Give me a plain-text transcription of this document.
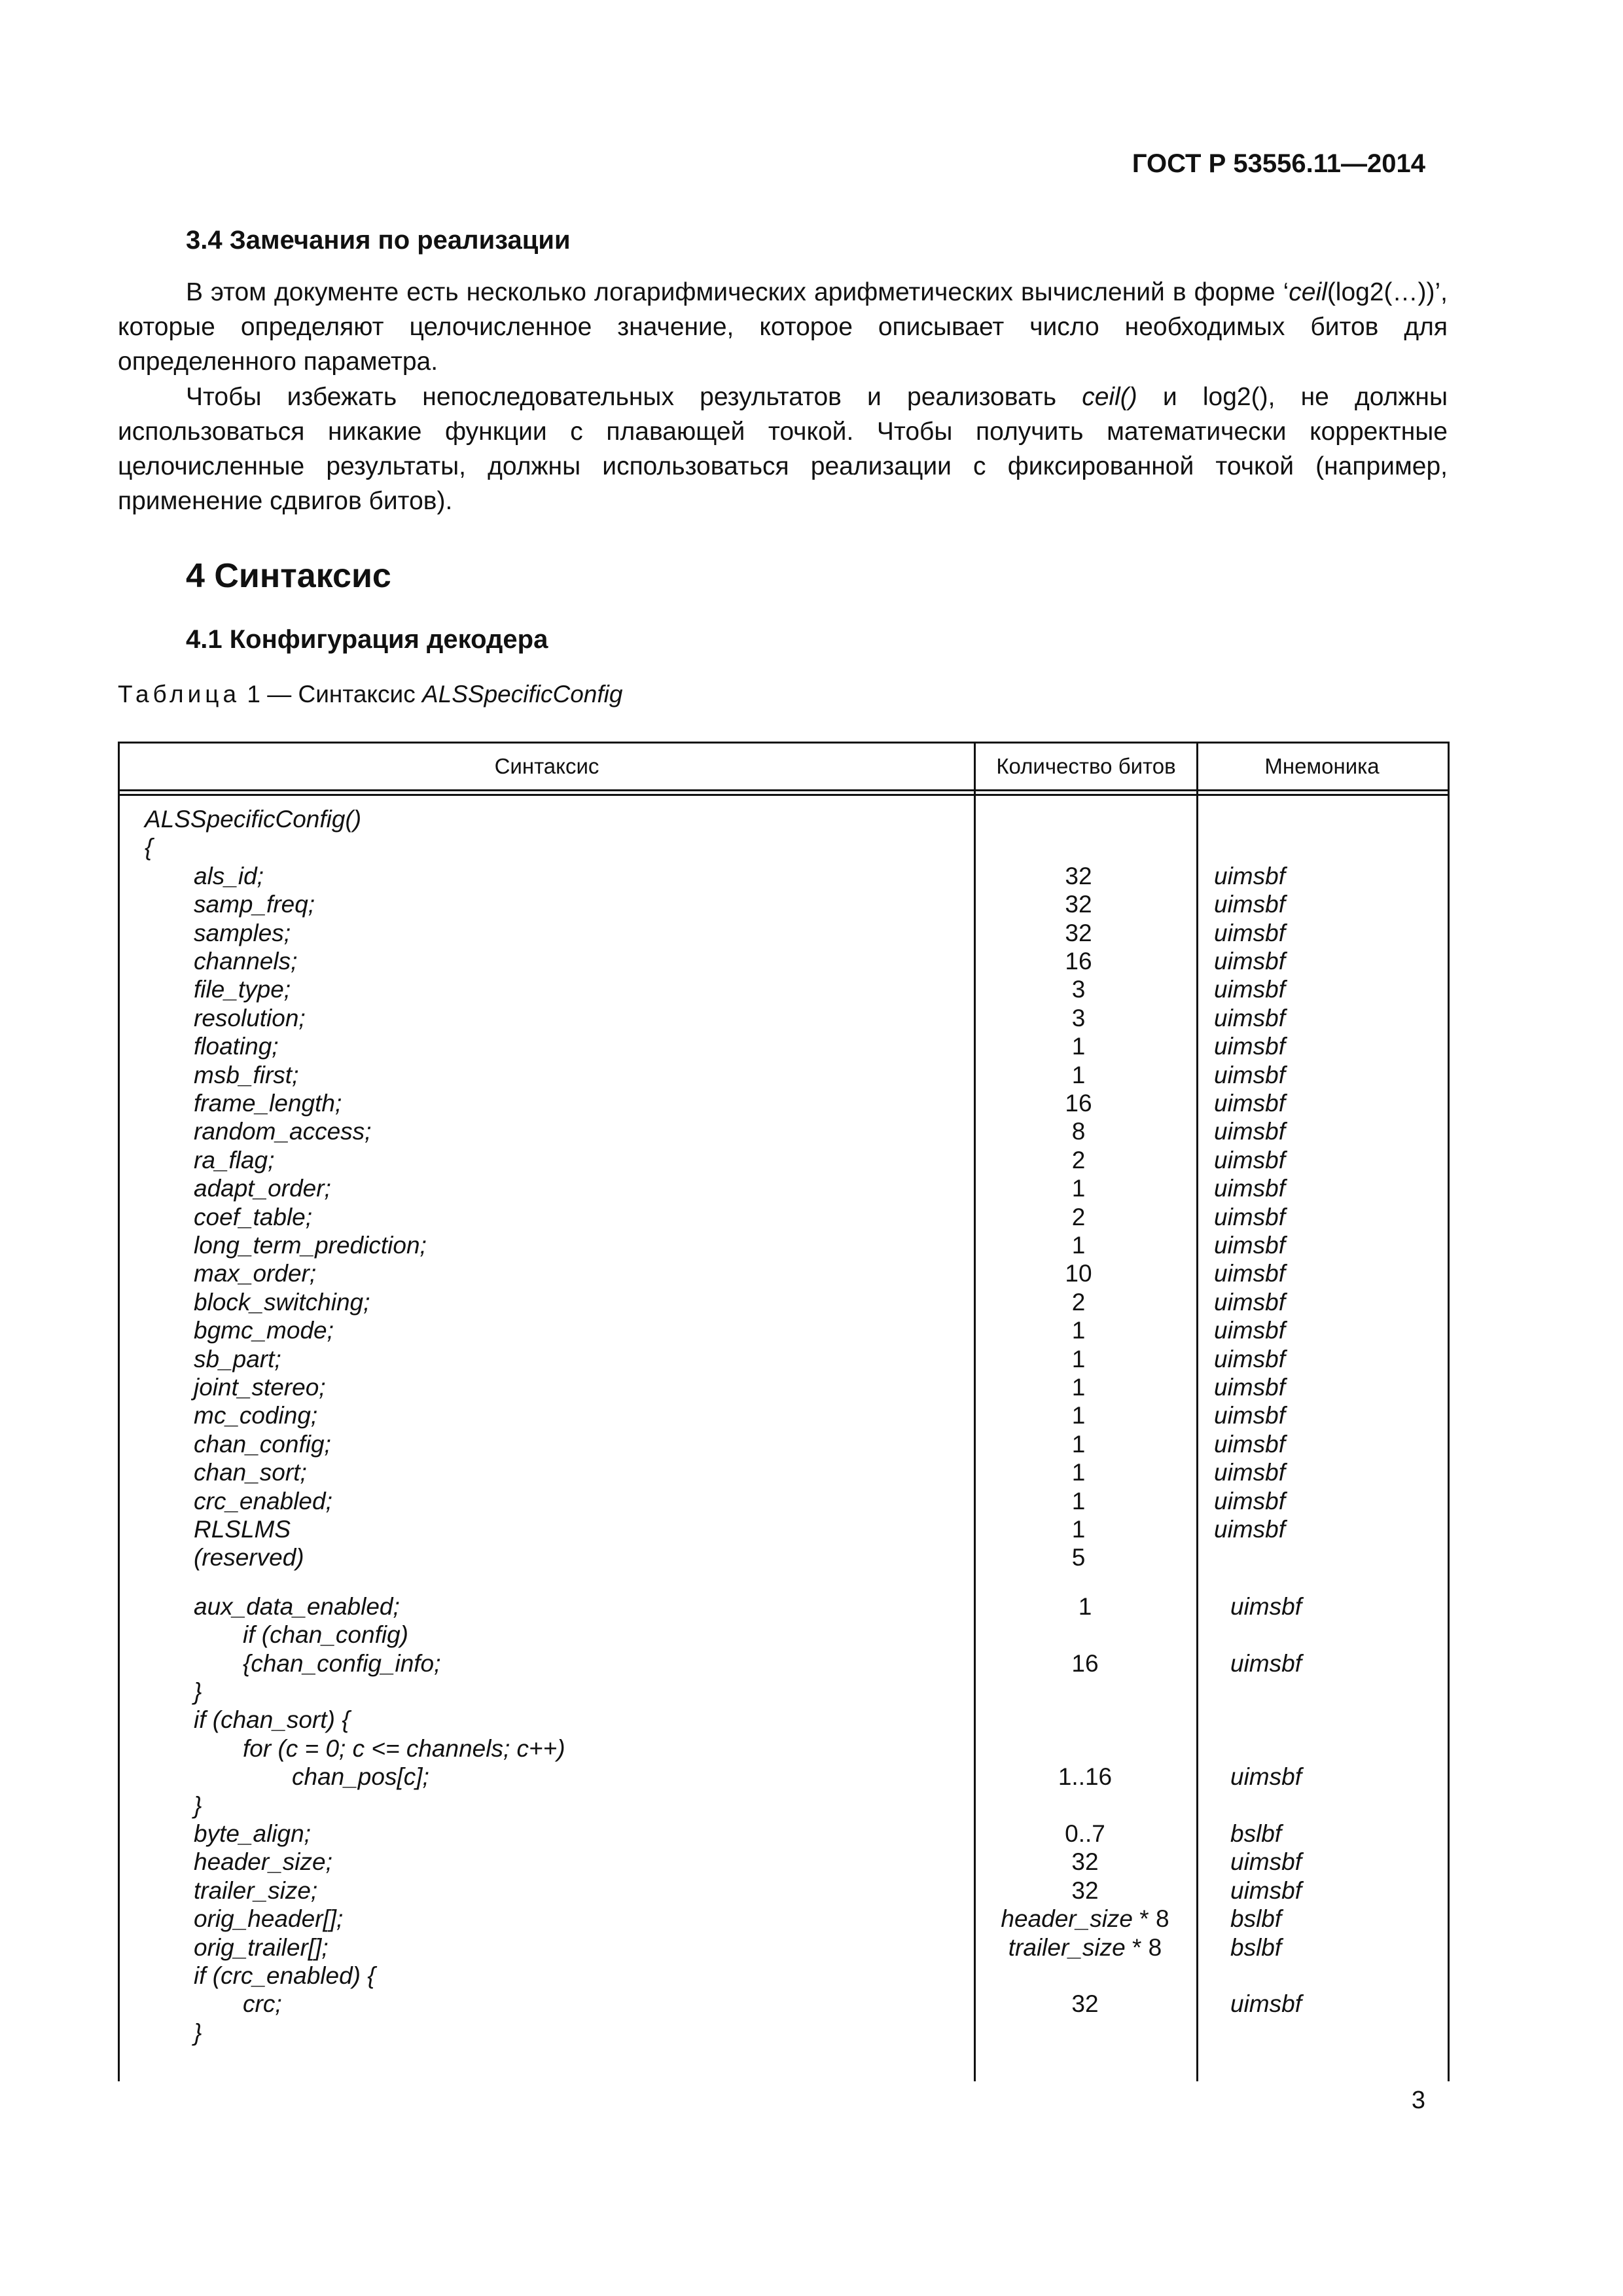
ГОСТ Р 53556.11—2014
3.4 Замечания по реализации
В этом документе есть несколько логарифмических арифметических вычислений в форме ‘ceil(log2(…))’, которые определяют целочисленное значение, которое описывает число необходимых битов для определенного параметра.
Чтобы избежать непоследовательных результатов и реализовать ceil() и log2(), не должны использоваться никакие функции с плавающей точкой. Чтобы получить математически корректные целочисленные результаты, должны использоваться реализации с фиксированной точкой (например, применение сдвигов битов).
4 Синтаксис
4.1 Конфигурация декодера
Таблица 1 — Синтаксис ALSSpecificConfig
Синтаксис	Количество битов	Мнемоника
ALSSpecificConfig()
{
als_id;	32	uimsbf
samp_freq;	32	uimsbf
samples;	32	uimsbf
channels;	16	uimsbf
file_type;	3	uimsbf
resolution;	3	uimsbf
floating;	1	uimsbf
msb_first;	1	uimsbf
frame_length;	16	uimsbf
random_access;	8	uimsbf
ra_flag;	2	uimsbf
adapt_order;	1	uimsbf
coef_table;	2	uimsbf
long_term_prediction;	1	uimsbf
max_order;	10	uimsbf
block_switching;	2	uimsbf
bgmc_mode;	1	uimsbf
sb_part;	1	uimsbf
joint_stereo;	1	uimsbf
mc_coding;	1	uimsbf
chan_config;	1	uimsbf
chan_sort;	1	uimsbf
crc_enabled;	1	uimsbf
RLSLMS	1	uimsbf
(reserved)	5
aux_data_enabled;	1	uimsbf
if (chan_config)
{chan_config_info;	16	uimsbf
}
if (chan_sort) {
for (c = 0; c <= channels; c++)
chan_pos[c];	1..16	uimsbf
}
byte_align;	0..7	bslbf
header_size;	32	uimsbf
trailer_size;	32	uimsbf
orig_header[];	header_size * 8	bslbf
orig_trailer[];	trailer_size * 8	bslbf
if (crc_enabled) {
crc;	32	uimsbf
}
3
